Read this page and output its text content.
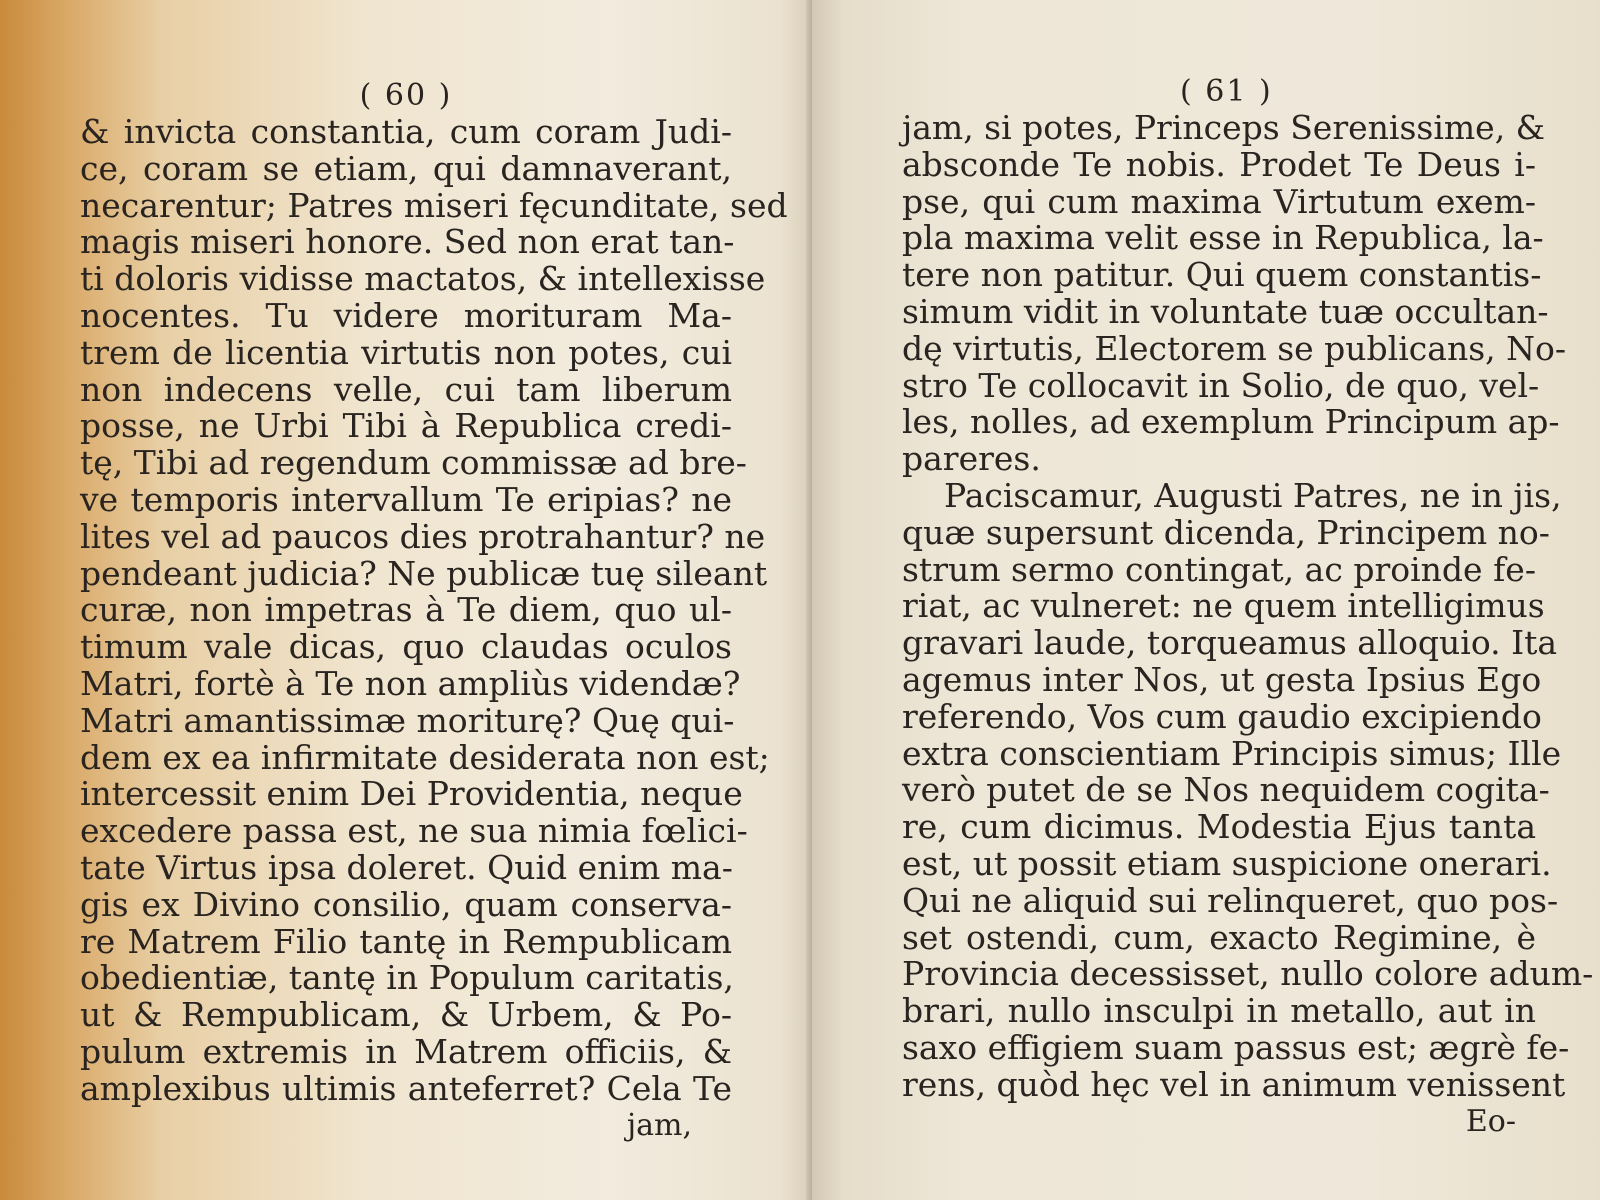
( 60 )
& invicta constantia, cum coram Judi-
ce, coram se etiam, qui damnaverant,
necarentur; Patres miseri fęcunditate, sed
magis miseri honore. Sed non erat tan-
ti doloris vidisse mactatos, & intellexisse
nocentes. Tu videre morituram Ma-
trem de licentia virtutis non potes, cui
non indecens velle, cui tam liberum
posse, ne Urbi Tibi à Republica credi-
tę, Tibi ad regendum commissæ ad bre-
ve temporis intervallum Te eripias? ne
lites vel ad paucos dies protrahantur? ne
pendeant judicia? Ne publicæ tuę sileant
curæ, non impetras à Te diem, quo ul-
timum vale dicas, quo claudas oculos
Matri, fortè à Te non ampliùs videndæ?
Matri amantissimæ moriturę? Quę qui-
dem ex ea infirmitate desiderata non est;
intercessit enim Dei Providentia, neque
excedere passa est, ne sua nimia fœlici-
tate Virtus ipsa doleret. Quid enim ma-
gis ex Divino consilio, quam conserva-
re Matrem Filio tantę in Rempublicam
obedientiæ, tantę in Populum caritatis,
ut & Rempublicam, & Urbem, & Po-
pulum extremis in Matrem officiis, &
amplexibus ultimis anteferret? Cela Te
jam,
( 61 )
jam, si potes, Princeps Serenissime, &
absconde Te nobis. Prodet Te Deus i-
pse, qui cum maxima Virtutum exem-
pla maxima velit esse in Republica, la-
tere non patitur. Qui quem constantis-
simum vidit in voluntate tuæ occultan-
dę virtutis, Electorem se publicans, No-
stro Te collocavit in Solio, de quo, vel-
les, nolles, ad exemplum Principum ap-
pareres.
Paciscamur, Augusti Patres, ne in jis,
quæ supersunt dicenda, Principem no-
strum sermo contingat, ac proinde fe-
riat, ac vulneret: ne quem intelligimus
gravari laude, torqueamus alloquio. Ita
agemus inter Nos, ut gesta Ipsius Ego
referendo, Vos cum gaudio excipiendo
extra conscientiam Principis simus; Ille
verò putet de se Nos nequidem cogita-
re, cum dicimus. Modestia Ejus tanta
est, ut possit etiam suspicione onerari.
Qui ne aliquid sui relinqueret, quo pos-
set ostendi, cum, exacto Regimine, è
Provincia decessisset, nullo colore adum-
brari, nullo insculpi in metallo, aut in
saxo effigiem suam passus est; ægrè fe-
rens, quòd hęc vel in animum venissent
Eo-
